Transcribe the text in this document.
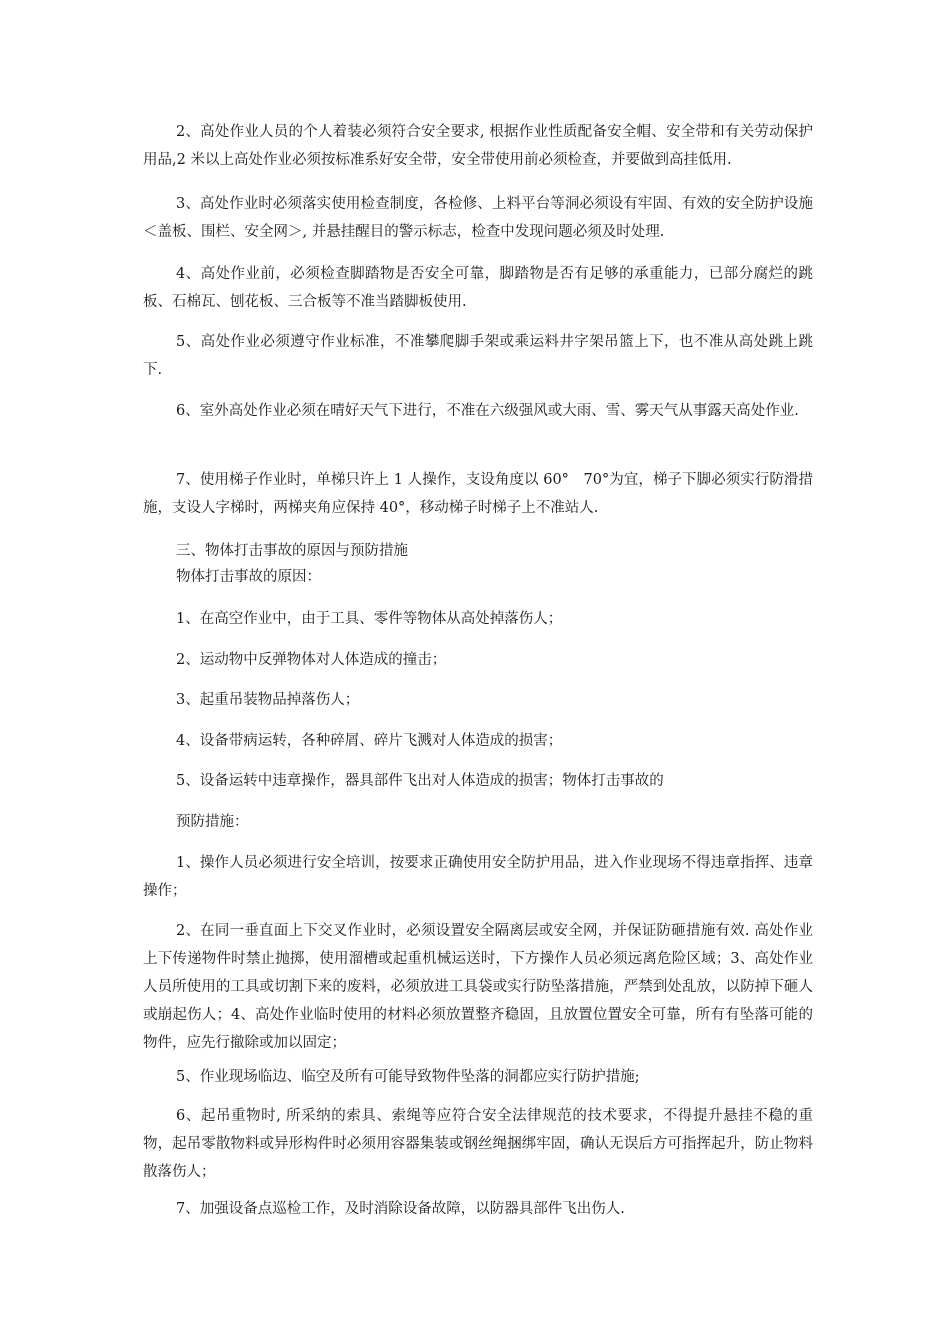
2、高处作业人员的个人着装必须符合安全要求, 根据作业性质配备安全帽、安全带和有关劳动保护用品,2 米以上高处作业必须按标准系好安全带，安全带使用前必须检查，并要做到高挂低用.

3、高处作业时必须落实使用检查制度，各检修、上料平台等洞必须设有牢固、有效的安全防护设施＜盖板、围栏、安全网＞, 并悬挂醒目的警示标志，检查中发现问题必须及时处理.

4、高处作业前，必须检查脚踏物是否安全可靠，脚踏物是否有足够的承重能力，已部分腐烂的跳板、石棉瓦、刨花板、三合板等不准当踏脚板使用.

5、高处作业必须遵守作业标准，不准攀爬脚手架或乘运料井字架吊篮上下，也不准从高处跳上跳下.

6、室外高处作业必须在晴好天气下进行，不准在六级强风或大雨、雪、雾天气从事露天高处作业.

7、使用梯子作业时，单梯只许上 1 人操作，支设角度以 60°　70°为宜，梯子下脚必须实行防滑措施，支设人字梯时，两梯夹角应保持 40°，移动梯子时梯子上不准站人.

三、物体打击事故的原因与预防措施
物体打击事故的原因：

1、在高空作业中，由于工具、零件等物体从高处掉落伤人；

2、运动物中反弹物体对人体造成的撞击；

3、起重吊装物品掉落伤人；

4、设备带病运转，各种碎屑、碎片飞溅对人体造成的损害；

5、设备运转中违章操作，器具部件飞出对人体造成的损害；物体打击事故的

预防措施：

1、操作人员必须进行安全培训，按要求正确使用安全防护用品，进入作业现场不得违章指挥、违章操作；

2、在同一垂直面上下交叉作业时，必须设置安全隔离层或安全网，并保证防砸措施有效. 高处作业上下传递物件时禁止抛掷，使用溜槽或起重机械运送时，下方操作人员必须远离危险区域；3、高处作业人员所使用的工具或切割下来的废料，必须放进工具袋或实行防坠落措施，严禁到处乱放，以防掉下砸人或崩起伤人；4、高处作业临时使用的材料必须放置整齐稳固，且放置位置安全可靠，所有有坠落可能的物件，应先行撤除或加以固定；

5、作业现场临边、临空及所有可能导致物件坠落的洞都应实行防护措施;

6、起吊重物时, 所采纳的索具、索绳等应符合安全法律规范的技术要求，不得提升悬挂不稳的重物，起吊零散物料或异形构件时必须用容器集装或钢丝绳捆绑牢固，确认无误后方可指挥起升，防止物料散落伤人；

7、加强设备点巡检工作，及时消除设备故障，以防器具部件飞出伤人.
